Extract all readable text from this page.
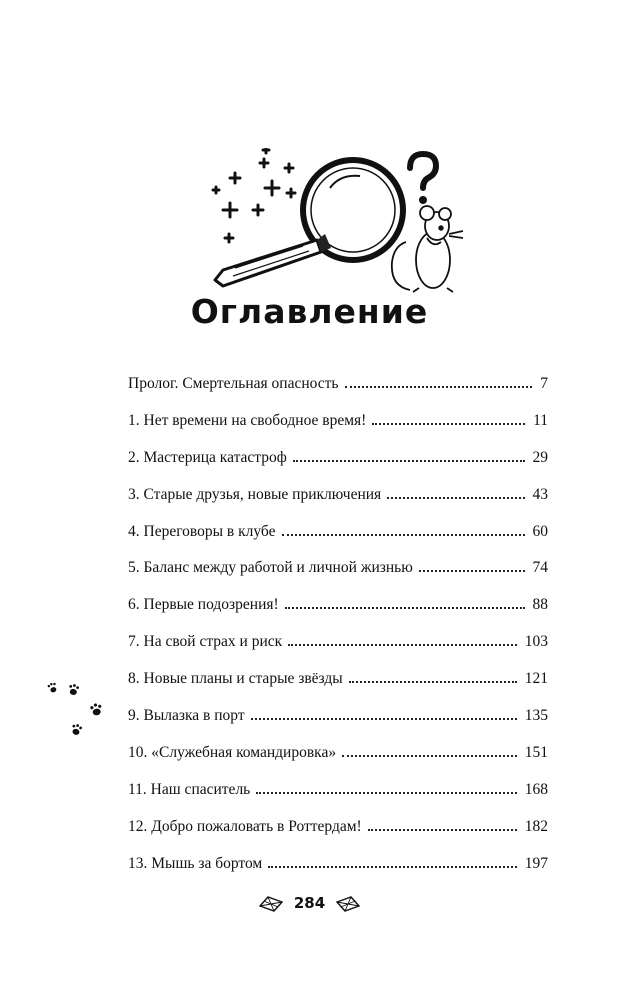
Оглавление
Пролог. Смертельная опасность	7
1. Нет времени на свободное время!	11
2. Мастерица катастроф	29
3. Старые друзья, новые приключения	43
4. Переговоры в клубе	60
5. Баланс между работой и личной жизнью	74
6. Первые подозрения!	88
7. На свой страх и риск	103
8. Новые планы и старые звёзды	121
9. Вылазка в порт	135
10. «Служебная командировка»	151
11. Наш спаситель	168
12. Добро пожаловать в Роттердам!	182
13. Мышь за бортом	197
284
